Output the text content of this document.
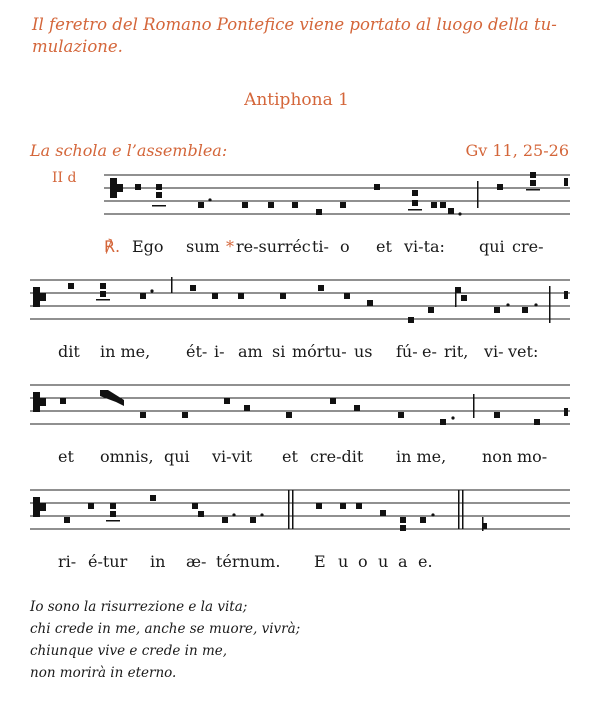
Il feretro del Romano Pontefice viene portato al luogo della tu-
mulazione.
Antiphona 1
La schola e l’assemblea:	Gv 11, 25-26
II d
℟. Ego sum * re-surréc ti- o et vi-ta: qui cre-
dit in me, ét- i- am si mórtu- us fú- e- rit, vi- vet:
et omnis, qui vi-vit et cre-dit in me, non mo-
ri- é-tur in æ- térnum. E u o u a e.
Io sono la risurrezione e la vita;
chi crede in me, anche se muore, vivrà;
chiunque vive e crede in me,
non morirà in eterno.
